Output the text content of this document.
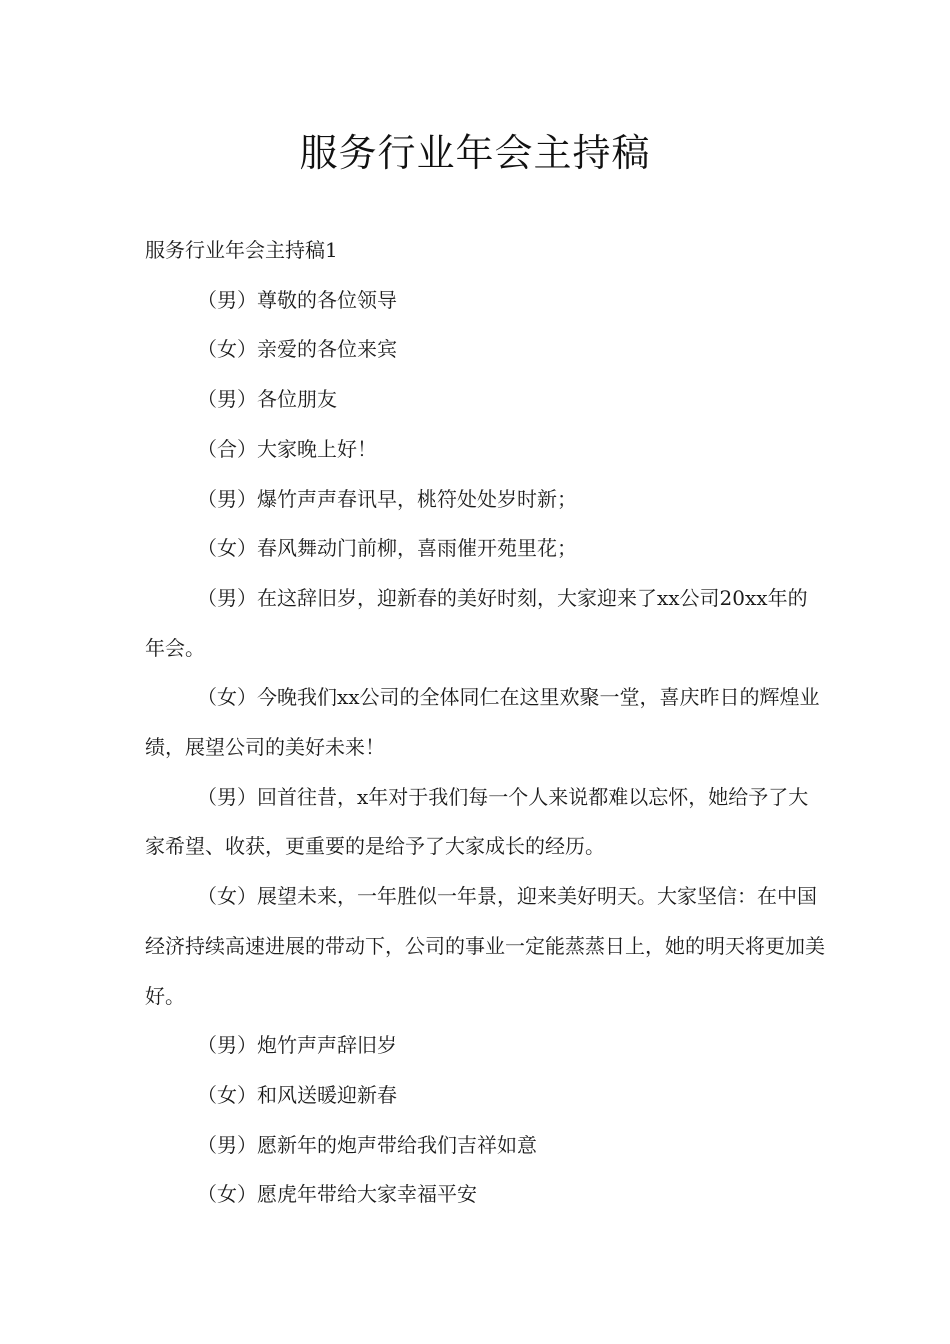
服务行业年会主持稿

服务行业年会主持稿1

（男）尊敬的各位领导

（女）亲爱的各位来宾

（男）各位朋友

（合）大家晚上好！

（男）爆竹声声春讯早，桃符处处岁时新；

（女）春风舞动门前柳，喜雨催开苑里花；

（男）在这辞旧岁，迎新春的美好时刻，大家迎来了xx公司20xx年的年会。

（女）今晚我们xx公司的全体同仁在这里欢聚一堂，喜庆昨日的辉煌业绩，展望公司的美好未来！

（男）回首往昔，x年对于我们每一个人来说都难以忘怀，她给予了大家希望、收获，更重要的是给予了大家成长的经历。

（女）展望未来，一年胜似一年景，迎来美好明天。大家坚信：在中国经济持续高速进展的带动下，公司的事业一定能蒸蒸日上，她的明天将更加美好。

（男）炮竹声声辞旧岁

（女）和风送暖迎新春

（男）愿新年的炮声带给我们吉祥如意

（女）愿虎年带给大家幸福平安
